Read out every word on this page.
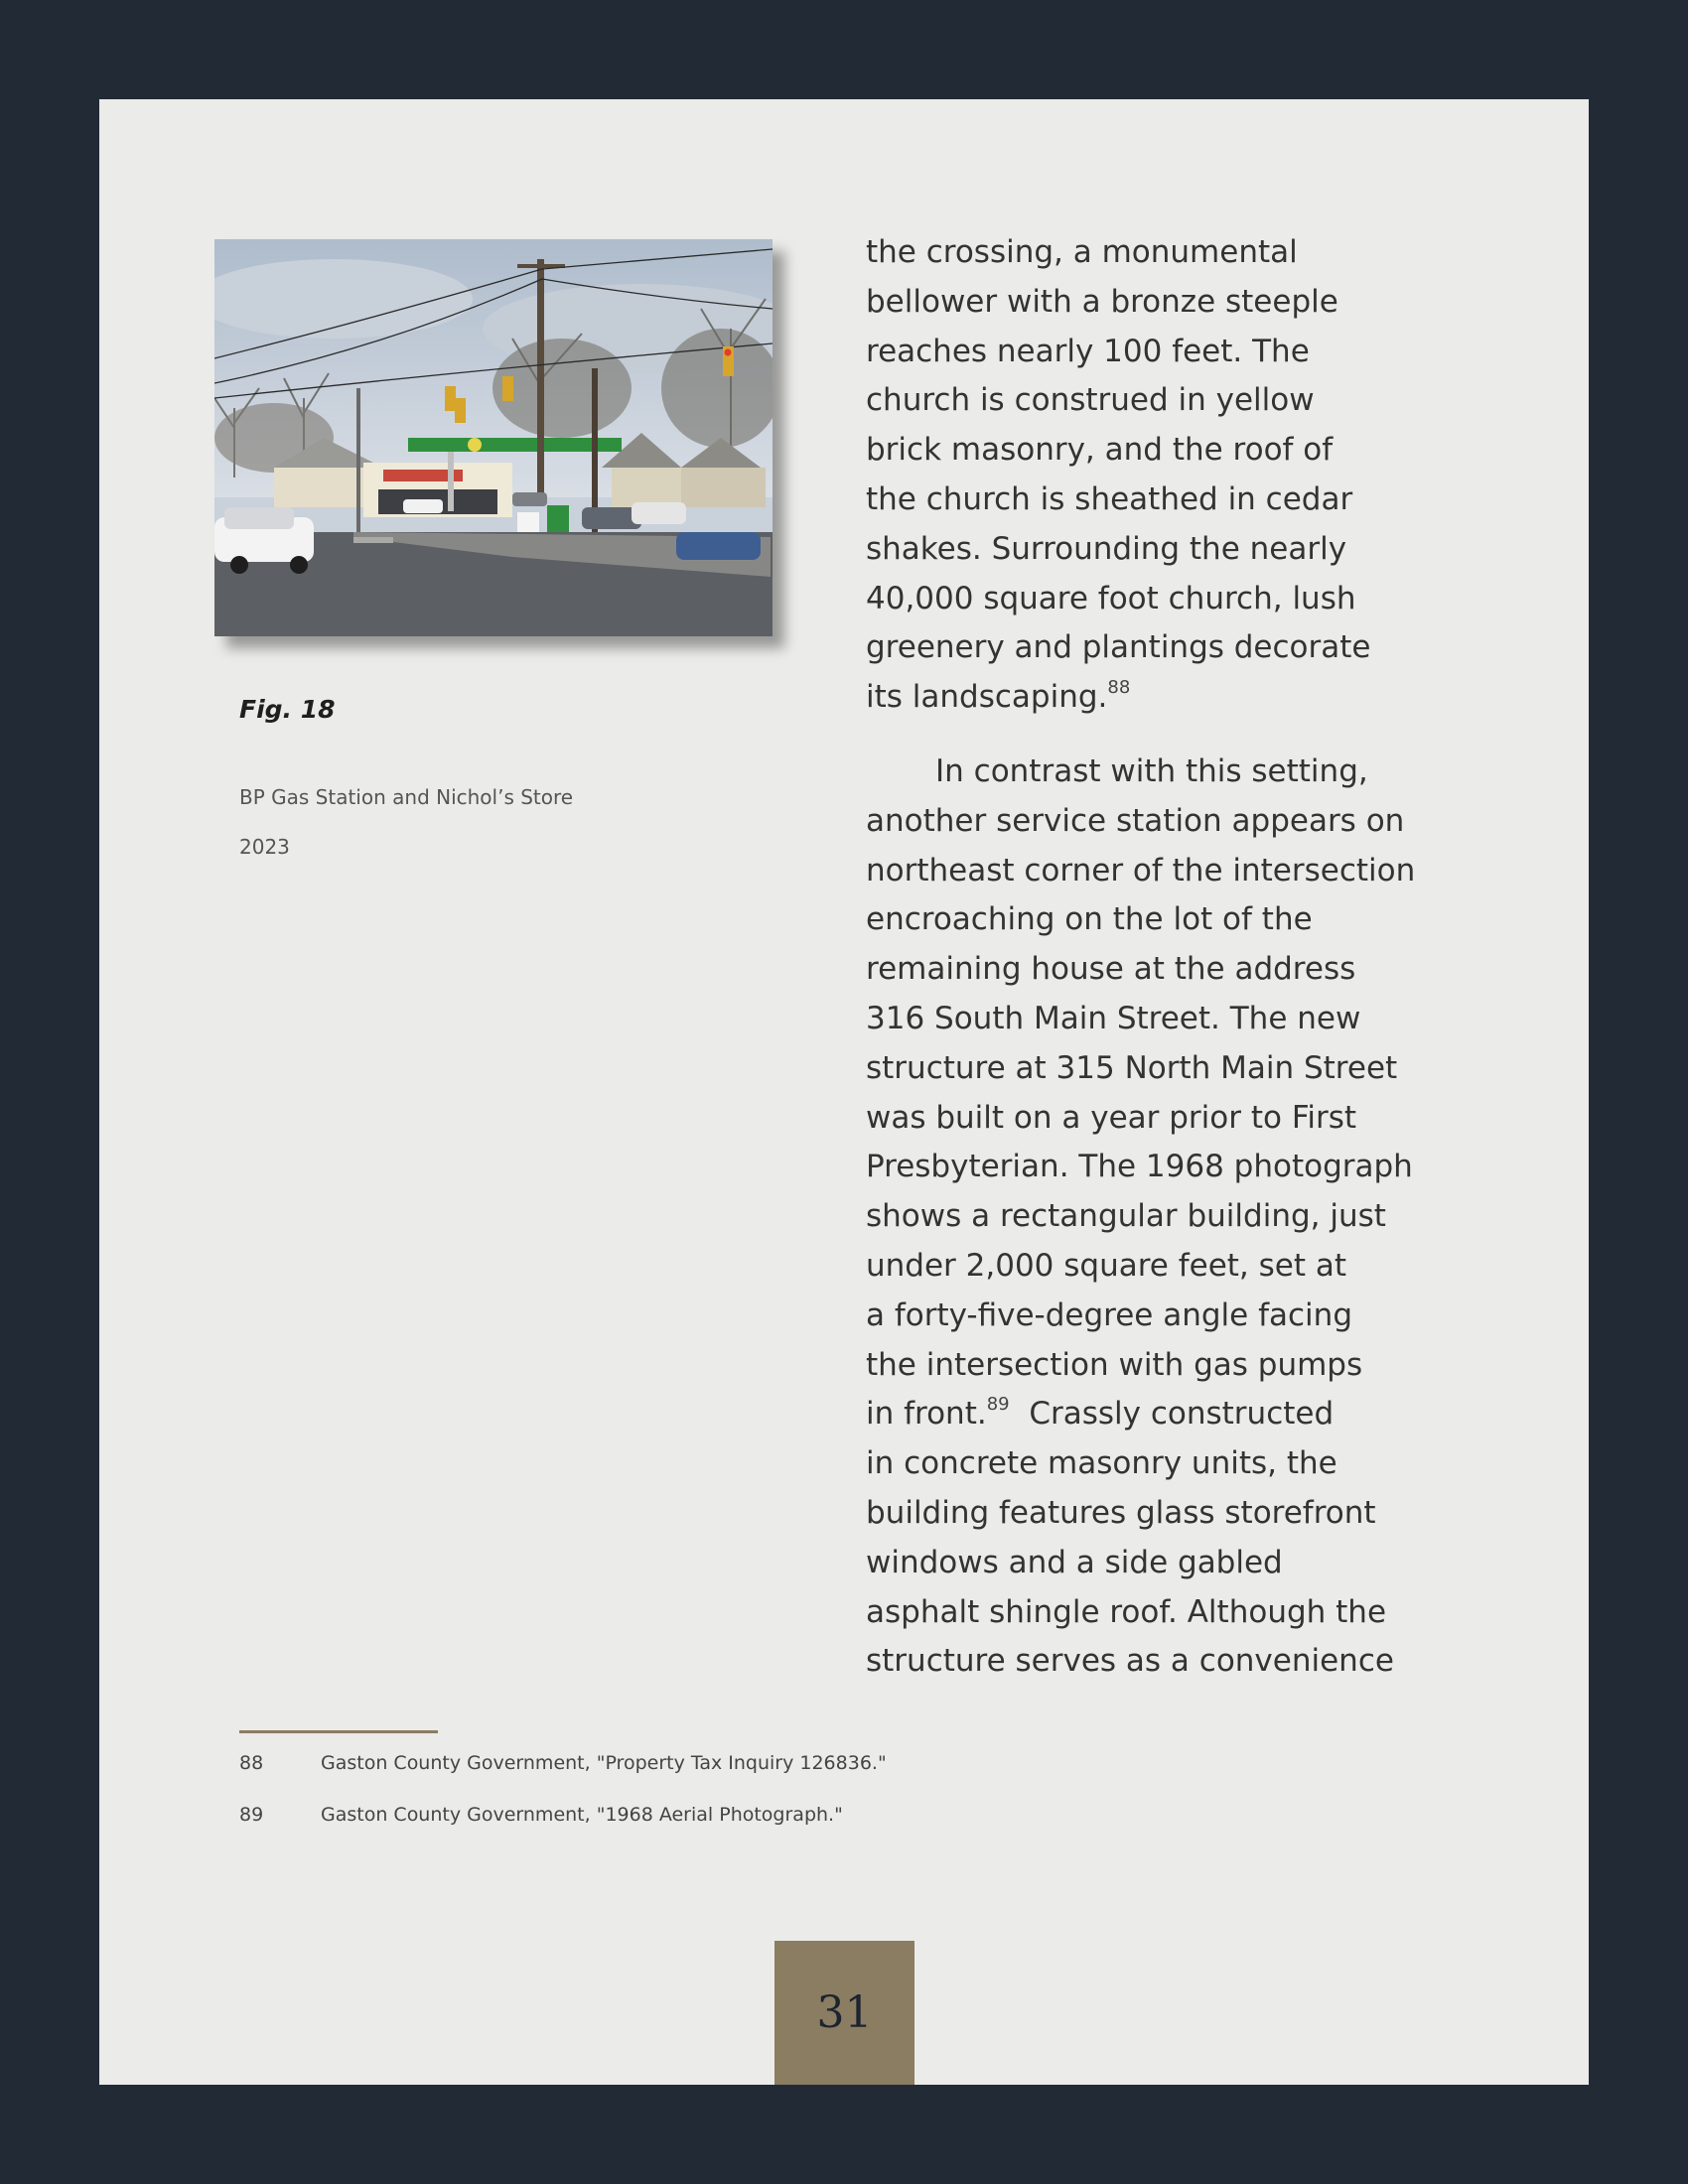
Fig. 18
BP Gas Station and Nichol’s Store
2023

the crossing, a monumental
bellower with a bronze steeple
reaches nearly 100 feet. The
church is construed in yellow
brick masonry, and the roof of
the church is sheathed in cedar
shakes. Surrounding the nearly
40,000 square foot church, lush
greenery and plantings decorate
its landscaping.$^{88}$

In contrast with this setting,
another service station appears on
northeast corner of the intersection
encroaching on the lot of the
remaining house at the address
316 South Main Street. The new
structure at 315 North Main Street
was built on a year prior to First
Presbyterian. The 1968 photograph
shows a rectangular building, just
under 2,000 square feet, set at
a forty-five-degree angle facing
the intersection with gas pumps
in front.$^{89}$  Crassly constructed
in concrete masonry units, the
building features glass storefront
windows and a side gabled
asphalt shingle roof. Although the
structure serves as a convenience

88	Gaston County Government, "Property Tax Inquiry 126836."
89	Gaston County Government, "1968 Aerial Photograph."
31
